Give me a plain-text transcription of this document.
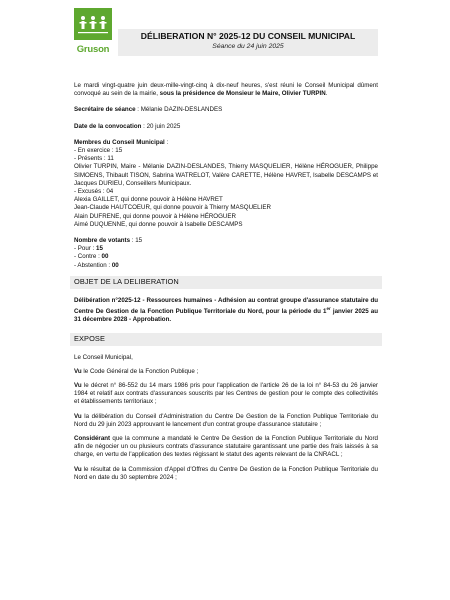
Gruson
DÉLIBERATION N° 2025-12 DU CONSEIL MUNICIPAL
Séance du 24 juin 2025

Le mardi vingt-quatre juin deux-mille-vingt-cinq à dix-neuf heures, s'est réuni le Conseil Municipal dûment convoqué au sein de la mairie, sous la présidence de Monsieur le Maire, Olivier TURPIN.

Secrétaire de séance : Mélanie DAZIN-DESLANDES

Date de la convocation : 20 juin 2025

Membres du Conseil Municipal :

- En exercice : 15

- Présents : 11

Olivier TURPIN, Maire - Mélanie DAZIN-DESLANDES, Thierry MASQUELIER, Hélène HÉROGUER, Philippe SIMOENS, Thibault TISON, Sabrina WATRELOT, Valère CARETTE, Hélène HAVRET, Isabelle DESCAMPS et Jacques DURIEU, Conseillers Municipaux.

- Excusés : 04

Alexia GAILLET, qui donne pouvoir à Hélène HAVRET

Jean-Claude HAUTCOEUR, qui donne pouvoir à Thierry MASQUELIER

Alain DUFRENE, qui donne pouvoir à Hélène HÉROGUER

Aimé DUQUENNE, qui donne pouvoir à Isabelle DESCAMPS

Nombre de votants : 15

- Pour : 15

- Contre : 00

- Abstention : 00

OBJET DE LA DELIBERATION

Délibération n°2025-12 - Ressources humaines - Adhésion au contrat groupe d'assurance statutaire du Centre De Gestion de la Fonction Publique Territoriale du Nord, pour la période du 1er janvier 2025 au 31 décembre 2028 - Approbation.

EXPOSE

Le Conseil Municipal,

Vu le Code Général de la Fonction Publique ;

Vu le décret n° 86-552 du 14 mars 1986 pris pour l'application de l'article 26 de la loi n° 84-53 du 26 janvier 1984 et relatif aux contrats d'assurances souscrits par les Centres de gestion pour le compte des collectivités et établissements territoriaux ;

Vu la délibération du Conseil d'Administration du Centre De Gestion de la Fonction Publique Territoriale du Nord du 29 juin 2023 approuvant le lancement d'un contrat groupe d'assurance statutaire ;

Considérant que la commune a mandaté le Centre De Gestion de la Fonction Publique Territoriale du Nord afin de négocier un ou plusieurs contrats d'assurance statutaire garantissant une partie des frais laissés à sa charge, en vertu de l'application des textes régissant le statut des agents relevant de la CNRACL ;

Vu le résultat de la Commission d'Appel d'Offres du Centre De Gestion de la Fonction Publique Territoriale du Nord en date du 30 septembre 2024 ;
